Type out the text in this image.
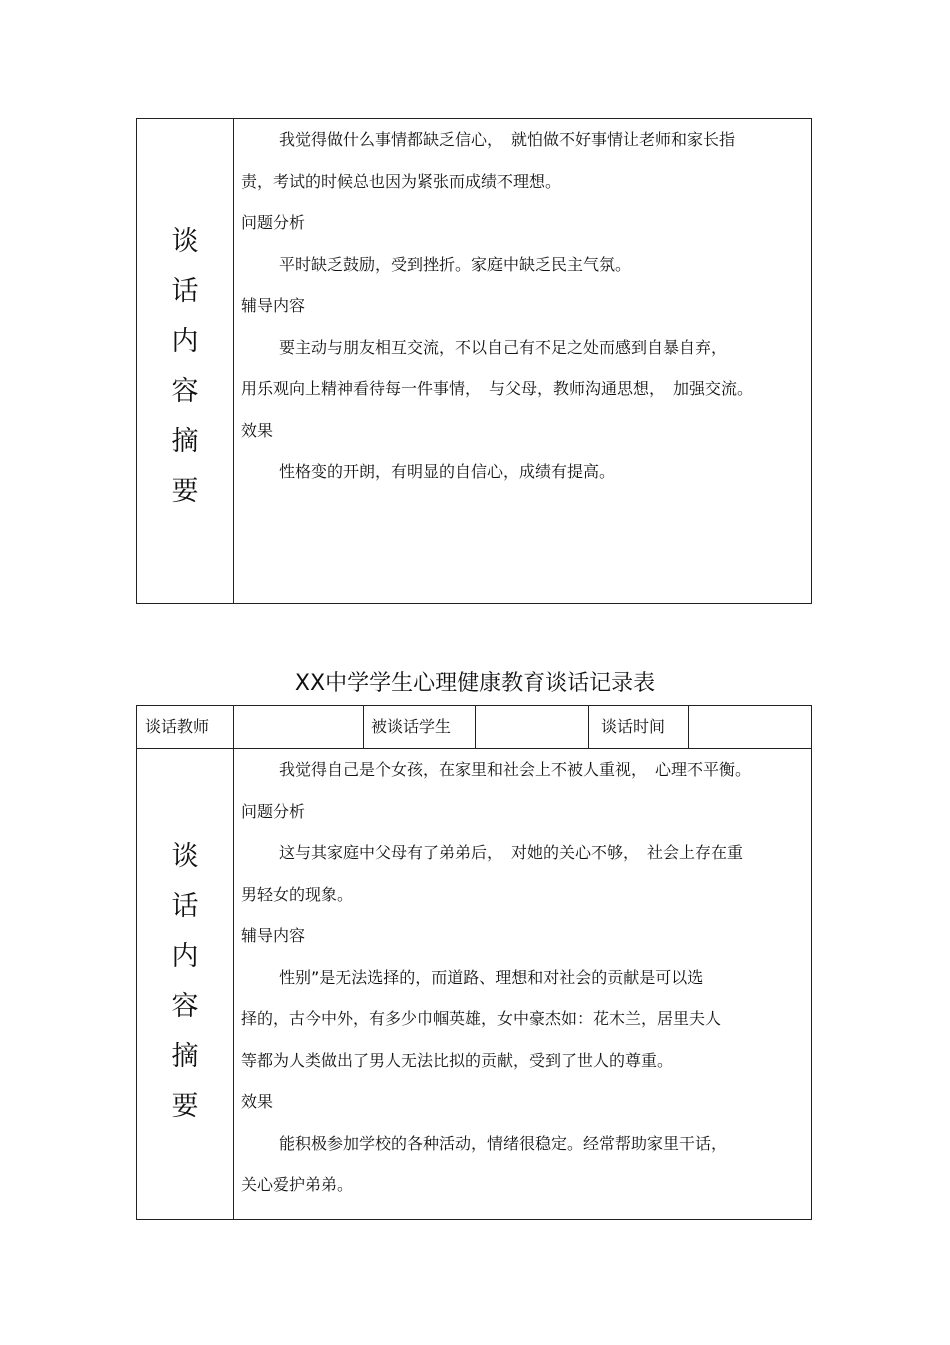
谈
话
内
容
摘
要
我觉得做什么事情都缺乏信心，　就怕做不好事情让老师和家长指
责，考试的时候总也因为紧张而成绩不理想。
问题分析
平时缺乏鼓励，受到挫折。家庭中缺乏民主气氛。
辅导内容
要主动与朋友相互交流，不以自己有不足之处而感到自暴自弃，
用乐观向上精神看待每一件事情，　与父母，教师沟通思想，　加强交流。
效果
性格变的开朗，有明显的自信心，成绩有提高。
XX中学学生心理健康教育谈话记录表
谈话教师	被谈话学生	谈话时间
谈
话
内
容
摘
要
我觉得自己是个女孩，在家里和社会上不被人重视，　心理不平衡。
问题分析
这与其家庭中父母有了弟弟后，　对她的关心不够，　社会上存在重
男轻女的现象。
辅导内容
性别”是无法选择的，而道路、理想和对社会的贡献是可以选
择的，古今中外，有多少巾帼英雄，女中豪杰如：花木兰，居里夫人
等都为人类做出了男人无法比拟的贡献，受到了世人的尊重。
效果
能积极参加学校的各种活动，情绪很稳定。经常帮助家里干话，
关心爱护弟弟。
